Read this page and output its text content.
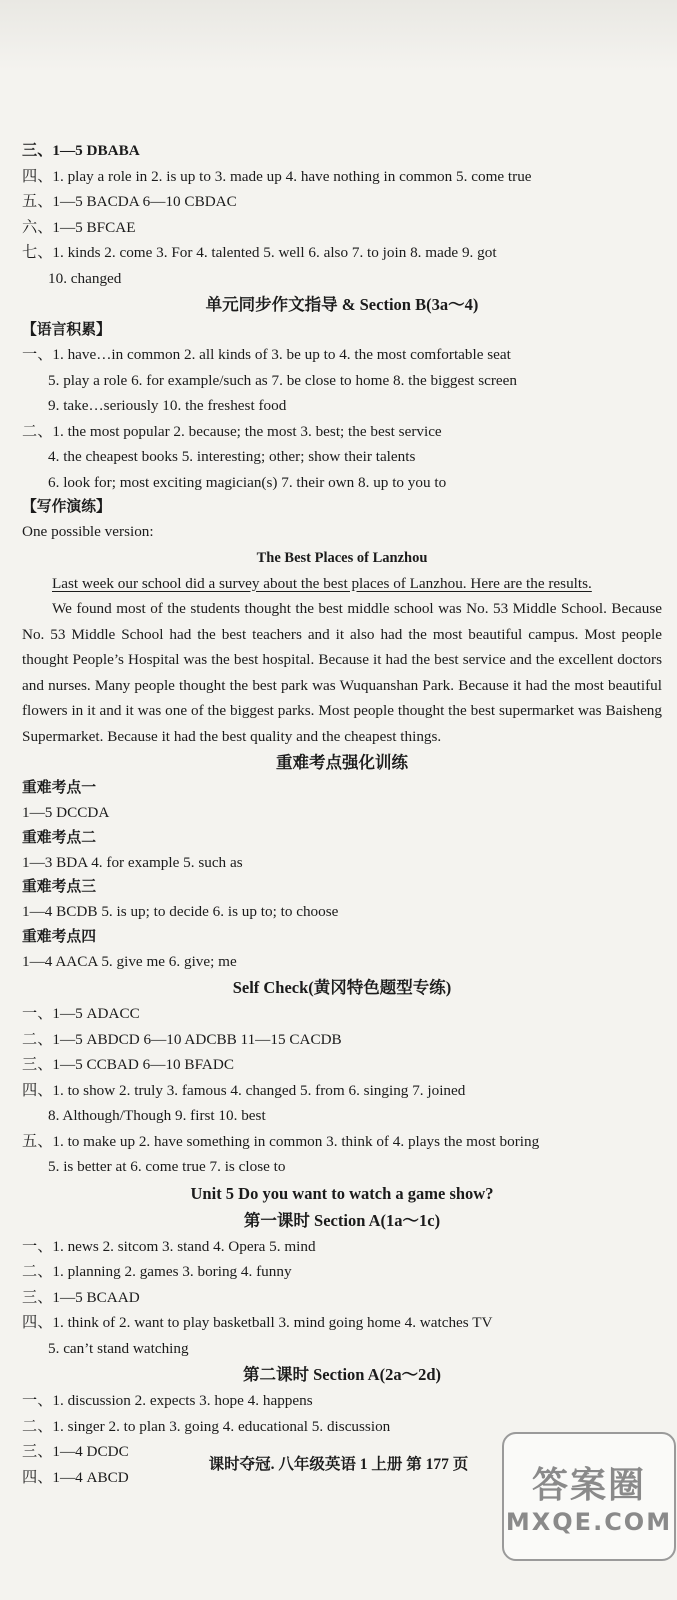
三、1—5 DBABA
四、1. play a role in 2. is up to 3. made up 4. have nothing in common 5. come true
五、1—5 BACDA 6—10 CBDAC
六、1—5 BFCAE
七、1. kinds 2. come 3. For 4. talented 5. well 6. also 7. to join 8. made 9. got
10. changed
单元同步作文指导 & Section B(3a～4)
【语言积累】
一、1. have…in common 2. all kinds of 3. be up to 4. the most comfortable seat
5. play a role 6. for example/such as 7. be close to home 8. the biggest screen
9. take…seriously 10. the freshest food
二、1. the most popular 2. because; the most 3. best; the best service
4. the cheapest books 5. interesting; other; show their talents
6. look for; most exciting magician(s) 7. their own 8. up to you to
【写作演练】
One possible version:
The Best Places of Lanzhou
Last week our school did a survey about the best places of Lanzhou. Here are the results.
We found most of the students thought the best middle school was No. 53 Middle School. Because No. 53 Middle School had the best teachers and it also had the most beautiful campus. Most people thought People’s Hospital was the best hospital. Because it had the best service and the excellent doctors and nurses. Many people thought the best park was Wuquanshan Park. Because it had the most beautiful flowers in it and it was one of the biggest parks. Most people thought the best supermarket was Baisheng Supermarket. Because it had the best quality and the cheapest things.
重难考点强化训练
重难考点一
1—5 DCCDA
重难考点二
1—3 BDA 4. for example 5. such as
重难考点三
1—4 BCDB 5. is up; to decide 6. is up to; to choose
重难考点四
1—4 AACA 5. give me 6. give; me
Self Check(黄冈特色题型专练)
一、1—5 ADACC
二、1—5 ABDCD 6—10 ADCBB 11—15 CACDB
三、1—5 CCBAD 6—10 BFADC
四、1. to show 2. truly 3. famous 4. changed 5. from 6. singing 7. joined
8. Although/Though 9. first 10. best
五、1. to make up 2. have something in common 3. think of 4. plays the most boring
5. is better at 6. come true 7. is close to
Unit 5 Do you want to watch a game show?
第一课时 Section A(1a～1c)
一、1. news 2. sitcom 3. stand 4. Opera 5. mind
二、1. planning 2. games 3. boring 4. funny
三、1—5 BCAAD
四、1. think of 2. want to play basketball 3. mind going home 4. watches TV
5. can’t stand watching
第二课时 Section A(2a～2d)
一、1. discussion 2. expects 3. hope 4. happens
二、1. singer 2. to plan 3. going 4. educational 5. discussion
三、1—4 DCDC
四、1—4 ABCD
课时夺冠. 八年级英语 1 上册 第 177 页
答案圈
MXQE.COM
